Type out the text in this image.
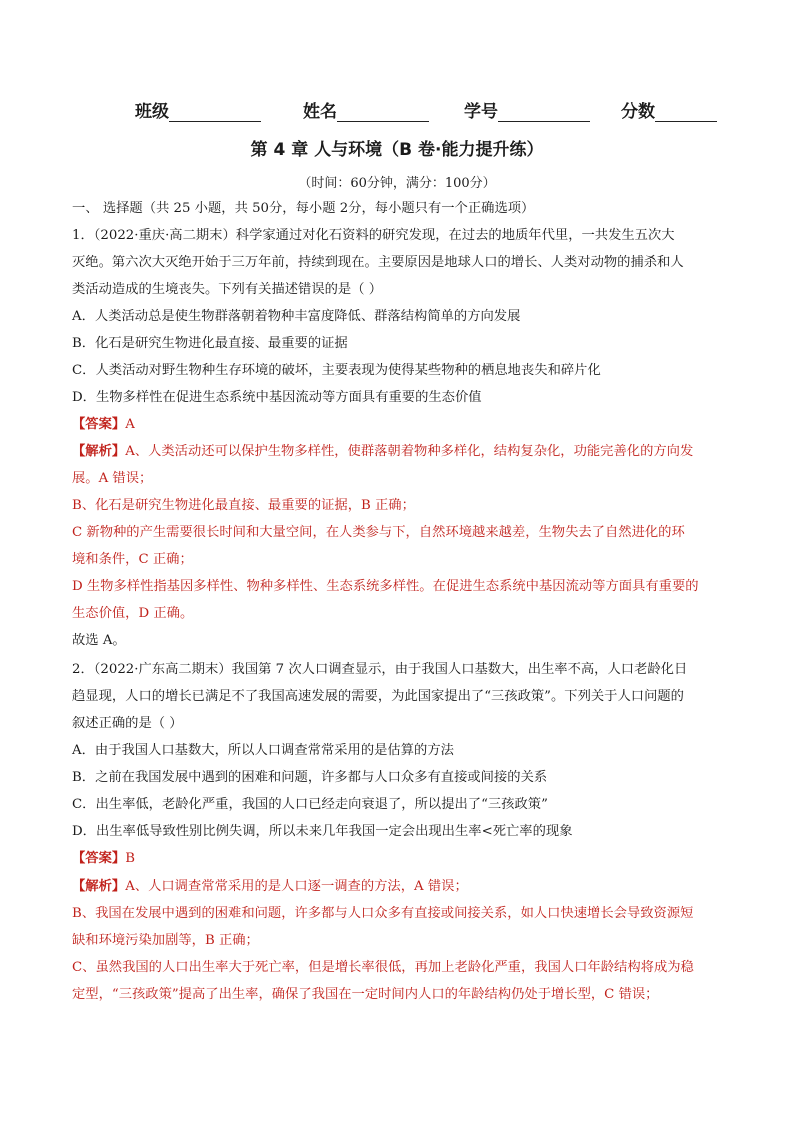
班级	姓名	学号	分数
第 4 章 人与环境（B 卷·能力提升练）
（时间：60分钟，满分：100分）
一、 选择题（共 25 小题，共 50分，每小题 2分，每小题只有一个正确选项）
1．（2022·重庆·高二期末）科学家通过对化石资料的研究发现，在过去的地质年代里，一共发生五次大
灭绝。第六次大灭绝开始于三万年前，持续到现在。主要原因是地球人口的增长、人类对动物的捕杀和人
类活动造成的生境丧失。下列有关描述错误的是（ ）
A．人类活动总是使生物群落朝着物种丰富度降低、群落结构简单的方向发展
B．化石是研究生物进化最直接、最重要的证据
C．人类活动对野生物种生存环境的破坏，主要表现为使得某些物种的栖息地丧失和碎片化
D．生物多样性在促进生态系统中基因流动等方面具有重要的生态价值
【答案】A
【解析】A、人类活动还可以保护生物多样性，使群落朝着物种多样化，结构复杂化，功能完善化的方向发
展。A 错误；
B、化石是研究生物进化最直接、最重要的证据，B 正确；
C 新物种的产生需要很长时间和大量空间，在人类参与下，自然环境越来越差，生物失去了自然进化的环
境和条件，C 正确；
D 生物多样性指基因多样性、物种多样性、生态系统多样性。在促进生态系统中基因流动等方面具有重要的
生态价值，D 正确。
故选 A。
2．（2022·广东高二期末）我国第 7 次人口调查显示，由于我国人口基数大，出生率不高，人口老龄化日
趋显现，人口的增长已满足不了我国高速发展的需要，为此国家提出了“三孩政策”。下列关于人口问题的
叙述正确的是（ ）
A．由于我国人口基数大，所以人口调查常常采用的是估算的方法
B．之前在我国发展中遇到的困难和问题，许多都与人口众多有直接或间接的关系
C．出生率低，老龄化严重，我国的人口已经走向衰退了，所以提出了“三孩政策”
D．出生率低导致性别比例失调，所以未来几年我国一定会出现出生率<死亡率的现象
【答案】B
【解析】A、人口调查常常采用的是人口逐一调查的方法，A 错误；
B、我国在发展中遇到的困难和问题，许多都与人口众多有直接或间接关系，如人口快速增长会导致资源短
缺和环境污染加剧等，B 正确；
C、虽然我国的人口出生率大于死亡率，但是增长率很低，再加上老龄化严重，我国人口年龄结构将成为稳
定型，“三孩政策”提高了出生率，确保了我国在一定时间内人口的年龄结构仍处于增长型，C 错误；
